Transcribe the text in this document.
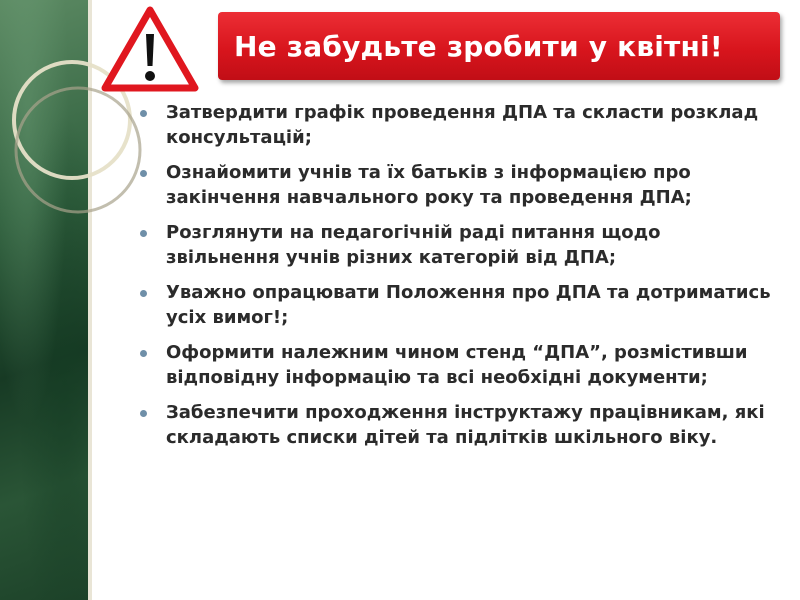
Не забудьте зробити у квітні!
Затвердити графік проведення ДПА та скласти розклад консультацій;
Ознайомити учнів та їх батьків з інформацією про закінчення навчального року та проведення ДПА;
Розглянути на педагогічній раді питання щодо звільнення учнів різних категорій від ДПА;
Уважно опрацювати Положення про ДПА та дотриматись усіх вимог!;
Оформити належним чином стенд “ДПА”, розмістивши відповідну інформацію та всі необхідні документи;
Забезпечити проходження інструктажу працівникам, які складають списки дітей та підлітків шкільного віку.
